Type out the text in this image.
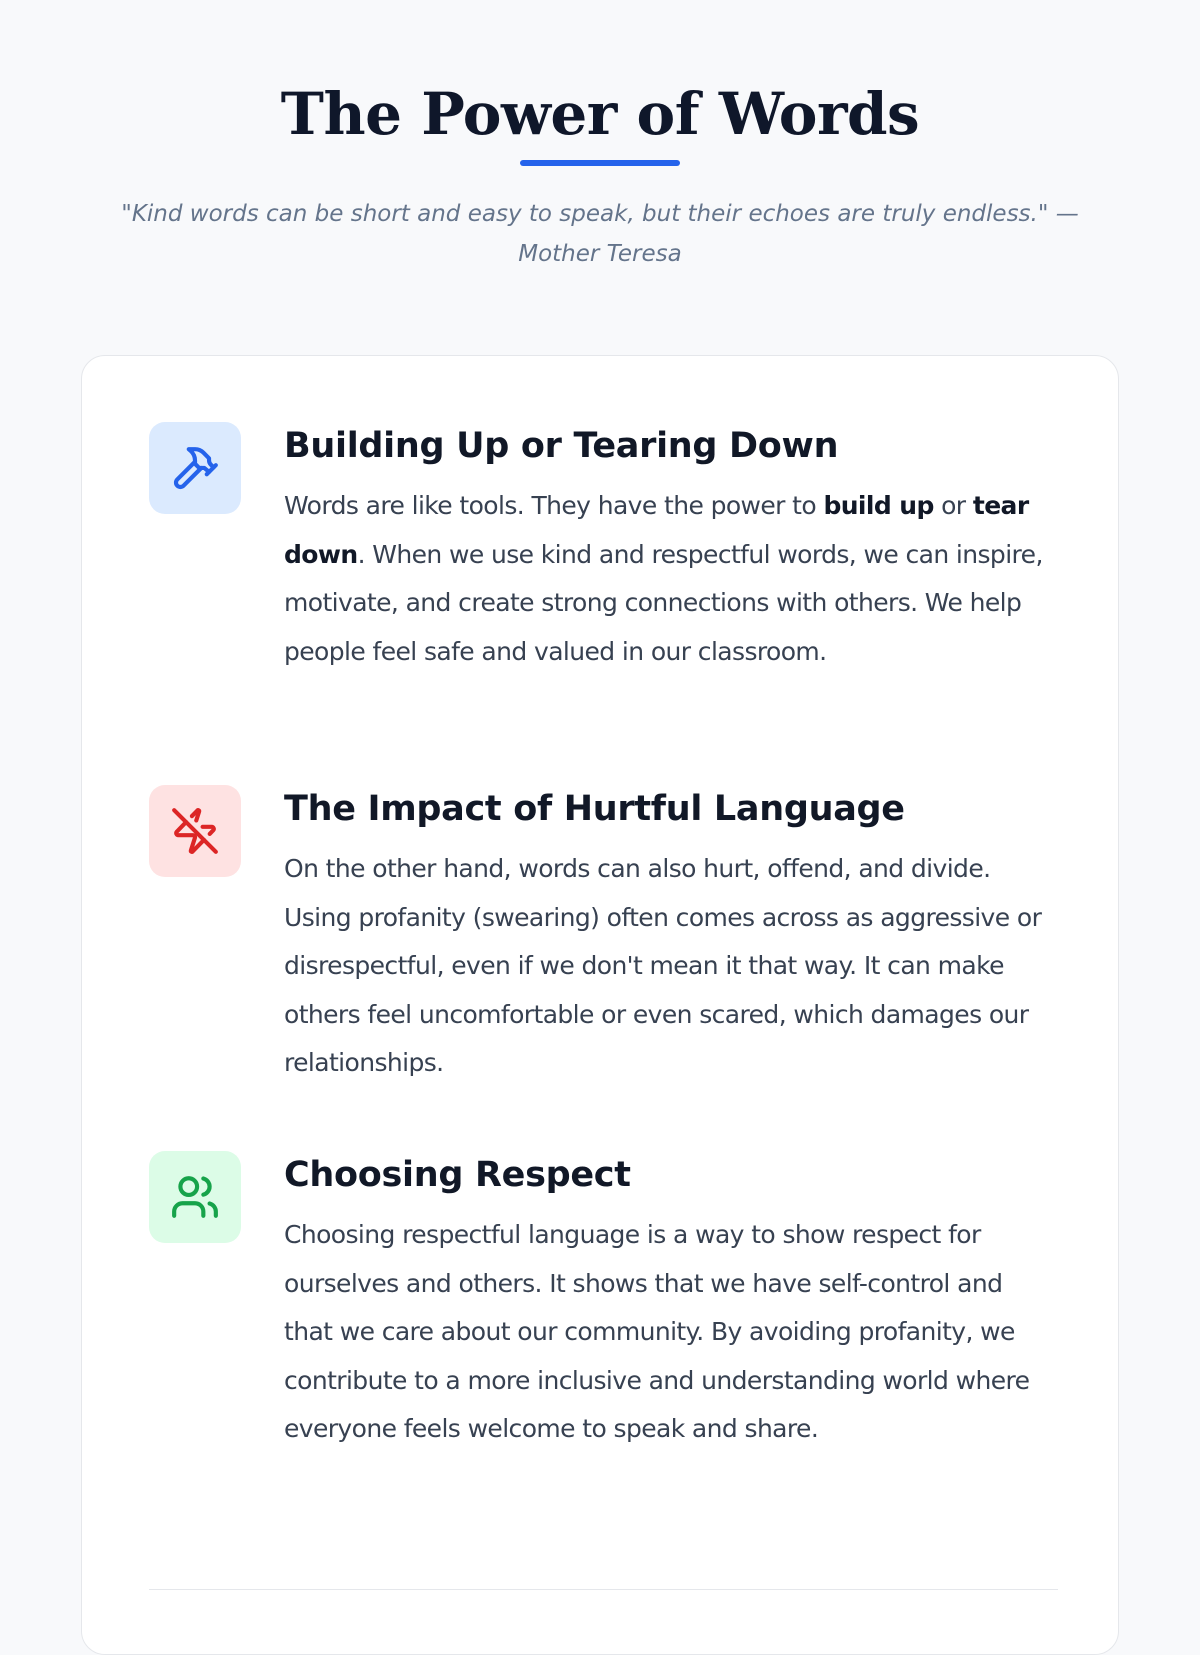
The Power of Words

"Kind words can be short and easy to speak, but their echoes are truly endless." — Mother Teresa

Building Up or Tearing Down

Words are like tools. They have the power to build up or tear down. When we use kind and respectful words, we can inspire, motivate, and create strong connections with others. We help people feel safe and valued in our classroom.

The Impact of Hurtful Language

On the other hand, words can also hurt, offend, and divide. Using profanity (swearing) often comes across as aggressive or disrespectful, even if we don't mean it that way. It can make others feel uncomfortable or even scared, which damages our relationships.

Choosing Respect

Choosing respectful language is a way to show respect for ourselves and others. It shows that we have self-control and that we care about our community. By avoiding profanity, we contribute to a more inclusive and understanding world where everyone feels welcome to speak and share.
